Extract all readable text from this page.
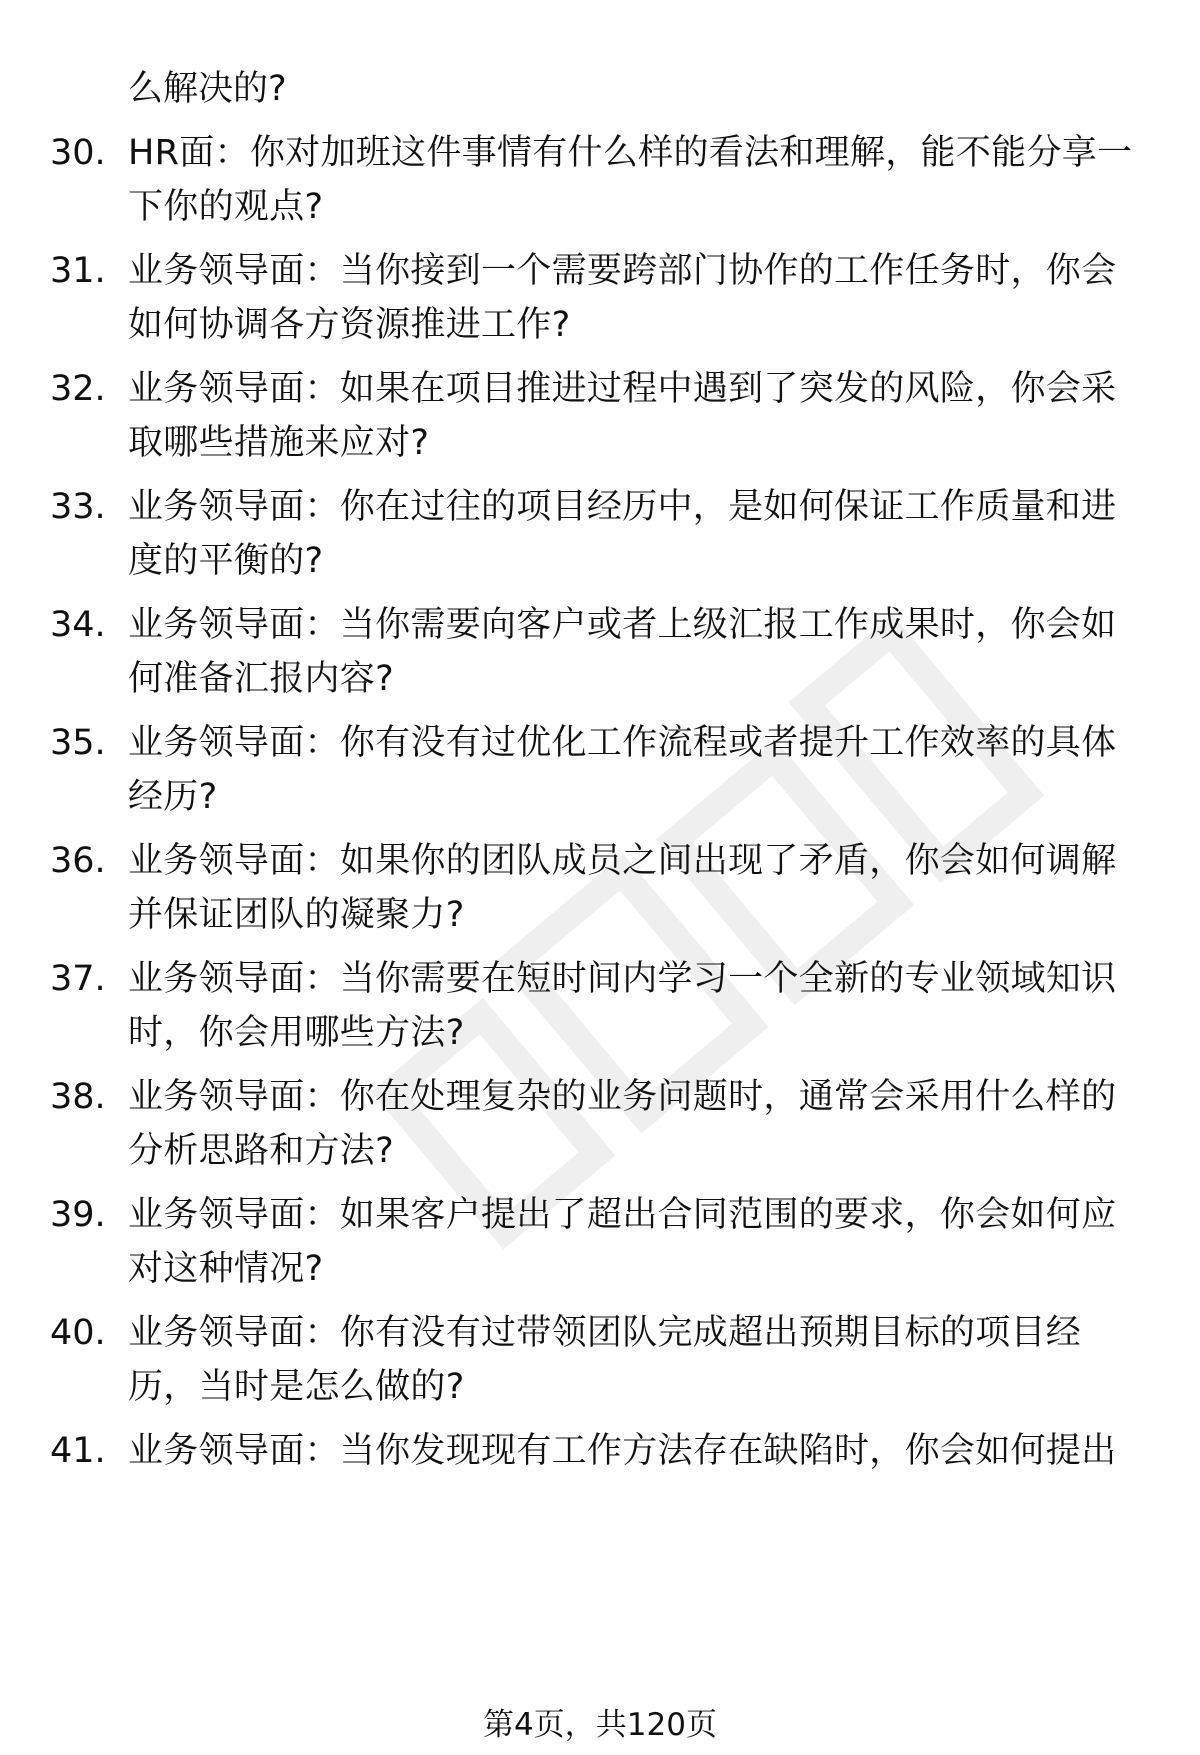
么解决的?
30. HR面：你对加班这件事情有什么样的看法和理解，能不能分享一
下你的观点?
31. 业务领导面：当你接到一个需要跨部门协作的工作任务时，你会
如何协调各方资源推进工作?
32. 业务领导面：如果在项目推进过程中遇到了突发的风险，你会采
取哪些措施来应对?
33. 业务领导面：你在过往的项目经历中，是如何保证工作质量和进
度的平衡的?
34. 业务领导面：当你需要向客户或者上级汇报工作成果时，你会如
何准备汇报内容?
35. 业务领导面：你有没有过优化工作流程或者提升工作效率的具体
经历?
36. 业务领导面：如果你的团队成员之间出现了矛盾，你会如何调解
并保证团队的凝聚力?
37. 业务领导面：当你需要在短时间内学习一个全新的专业领域知识
时，你会用哪些方法?
38. 业务领导面：你在处理复杂的业务问题时，通常会采用什么样的
分析思路和方法?
39. 业务领导面：如果客户提出了超出合同范围的要求，你会如何应
对这种情况?
40. 业务领导面：你有没有过带领团队完成超出预期目标的项目经
历，当时是怎么做的?
41. 业务领导面：当你发现现有工作方法存在缺陷时，你会如何提出
第4页，共120页
